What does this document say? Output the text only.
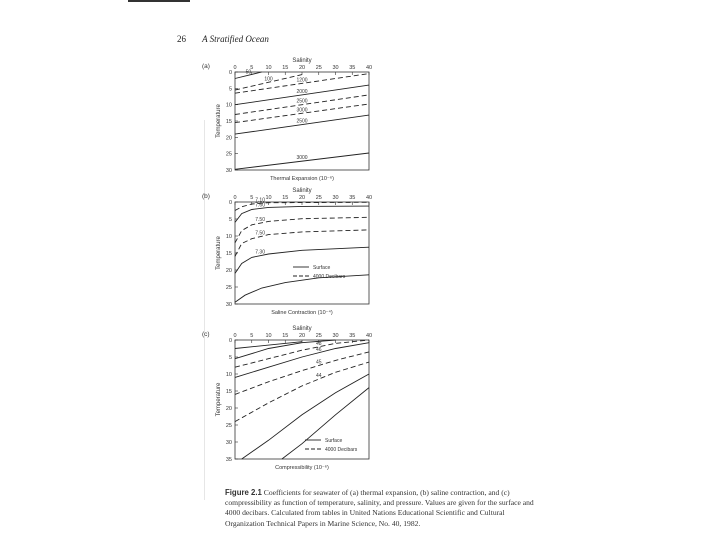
26 A Stratified Ocean
Salinity
(a)	0 5 10 15 20 25 30 35 40
0
5
10
15
20
25
30
Temperature
Thermal Expansion (10⁻⁶)
50
100	1200
2000
2500
3000
2500
3000
Salinity
(b)	0 5 10 15 20 25 30 35 40
0
5
10
15
20
25
30
Temperature
Saline Contraction (10⁻⁴)
7.10
7.60
7.50
7.50
7.30
Surface
4000 Decibars
Salinity
(c)	0 5 10 15 20 25 30 35 40
0
5
10
15
20
25
30
35
Temperature
Compressibility (10⁻⁶)
48
46
45
44
Surface
4000 Decibars
Figure 2.1 Coefficients for seawater of (a) thermal expansion, (b) saline contraction, and (c) compressibility as function of temperature, salinity, and pressure. Values are given for the surface and 4000 decibars. Calculated from tables in United Nations Educational Scientific and Cultural Organization Technical Papers in Marine Science, No. 40, 1982.
